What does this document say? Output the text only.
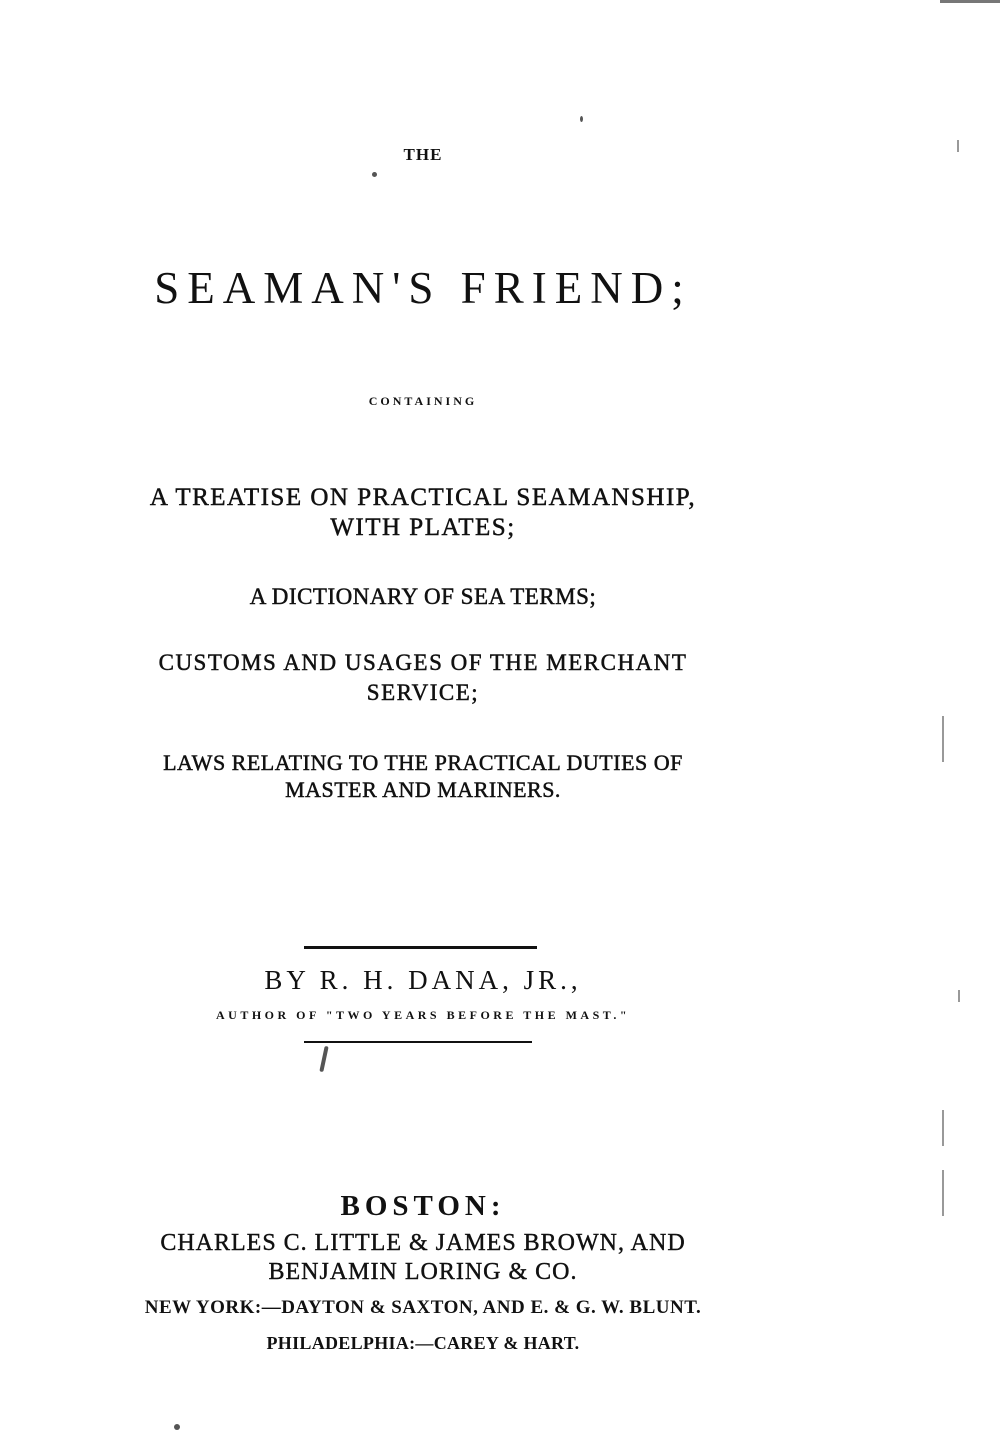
THE
SEAMAN'S FRIEND;
CONTAINING
A TREATISE ON PRACTICAL SEAMANSHIP,
WITH PLATES;
A DICTIONARY OF SEA TERMS;
CUSTOMS AND USAGES OF THE MERCHANT
SERVICE;
LAWS RELATING TO THE PRACTICAL DUTIES OF
MASTER AND MARINERS.
BY R. H. DANA, JR.,
AUTHOR OF "TWO YEARS BEFORE THE MAST."
BOSTON:
CHARLES C. LITTLE & JAMES BROWN, AND
BENJAMIN LORING & CO.
NEW YORK:—DAYTON & SAXTON, AND E. & G. W. BLUNT.
PHILADELPHIA:—CAREY & HART.
